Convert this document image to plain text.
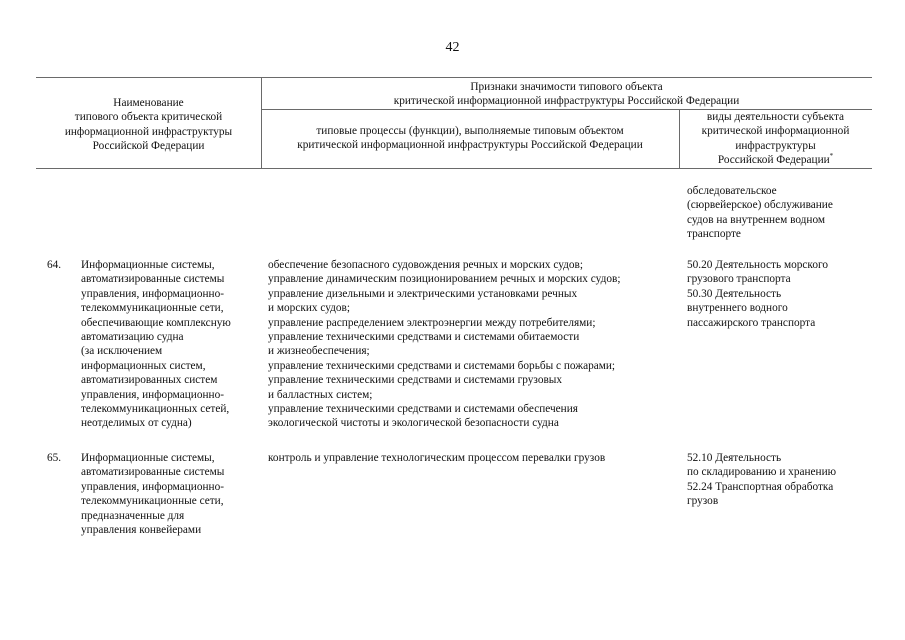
42
Наименование
типового объекта критической
информационной инфраструктуры
Российской Федерации
Признаки значимости типового объекта
критической информационной инфраструктуры Российской Федерации
типовые процессы (функции), выполняемые типовым объектом
критической информационной инфраструктуры Российской Федерации
виды деятельности субъекта
критической информационной
инфраструктуры
Российской Федерации*
обследовательское
(сюрвейерское) обслуживание
судов на внутреннем водном
транспорте
64. Информационные системы,
автоматизированные системы
управления, информационно-
телекоммуникационные сети,
обеспечивающие комплексную
автоматизацию судна
(за исключением
информационных систем,
автоматизированных систем
управления, информационно-
телекоммуникационных сетей,
неотделимых от судна)
обеспечение безопасного судовождения речных и морских судов;
управление динамическим позиционированием речных и морских судов;
управление дизельными и электрическими установками речных
и морских судов;
управление распределением электроэнергии между потребителями;
управление техническими средствами и системами обитаемости
и жизнеобеспечения;
управление техническими средствами и системами борьбы с пожарами;
управление техническими средствами и системами грузовых
и балластных систем;
управление техническими средствами и системами обеспечения
экологической чистоты и экологической безопасности судна
50.20 Деятельность морского
грузового транспорта
50.30 Деятельность
внутреннего водного
пассажирского транспорта
65. Информационные системы,
автоматизированные системы
управления, информационно-
телекоммуникационные сети,
предназначенные для
управления конвейерами
контроль и управление технологическим процессом перевалки грузов	52.10 Деятельность
по складированию и хранению
52.24 Транспортная обработка
грузов
